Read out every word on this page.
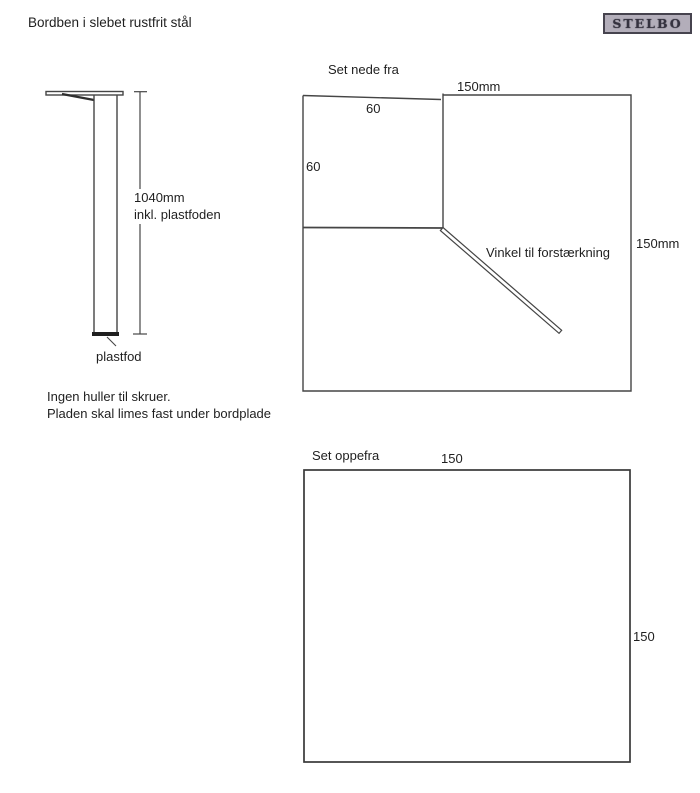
Bordben i slebet rustfrit stål	STELBO
1040mm
inkl. plastfoden
plastfod
Ingen huller til skruer.
Pladen skal limes fast under bordplade
Set nede fra
150mm
60
60
150mm
Vinkel til forstærkning
Set oppefra	150
150
